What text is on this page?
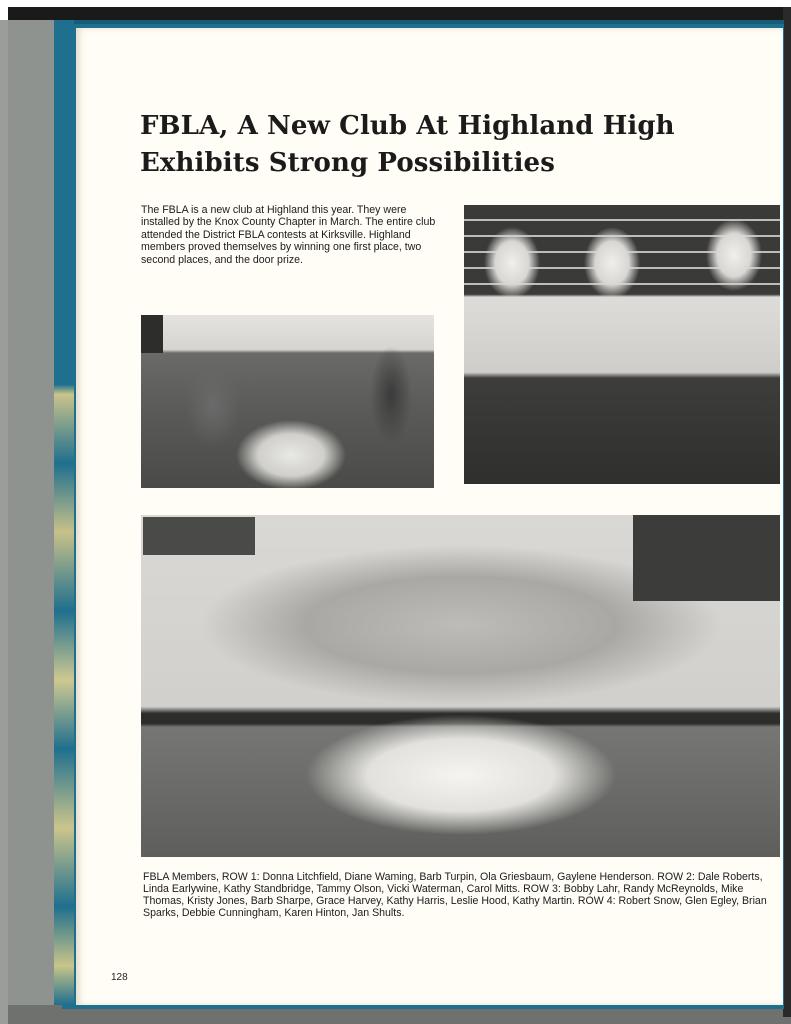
FBLA, A New Club At Highland High Exhibits Strong Possibilities

The FBLA is a new club at Highland this year. They were installed by the Knox County Chapter in March. The entire club attended the District FBLA contests at Kirksville. Highland members proved themselves by winning one first place, two second places, and the door prize.

FBLA Members, ROW 1: Donna Litchfield, Diane Waming, Barb Turpin, Ola Griesbaum, Gaylene Henderson. ROW 2: Dale Roberts, Linda Earlywine, Kathy Standbridge, Tammy Olson, Vicki Waterman, Carol Mitts. ROW 3: Bobby Lahr, Randy McReynolds, Mike Thomas, Kristy Jones, Barb Sharpe, Grace Harvey, Kathy Harris, Leslie Hood, Kathy Martin. ROW 4: Robert Snow, Glen Egley, Brian Sparks, Debbie Cunningham, Karen Hinton, Jan Shults.

128
